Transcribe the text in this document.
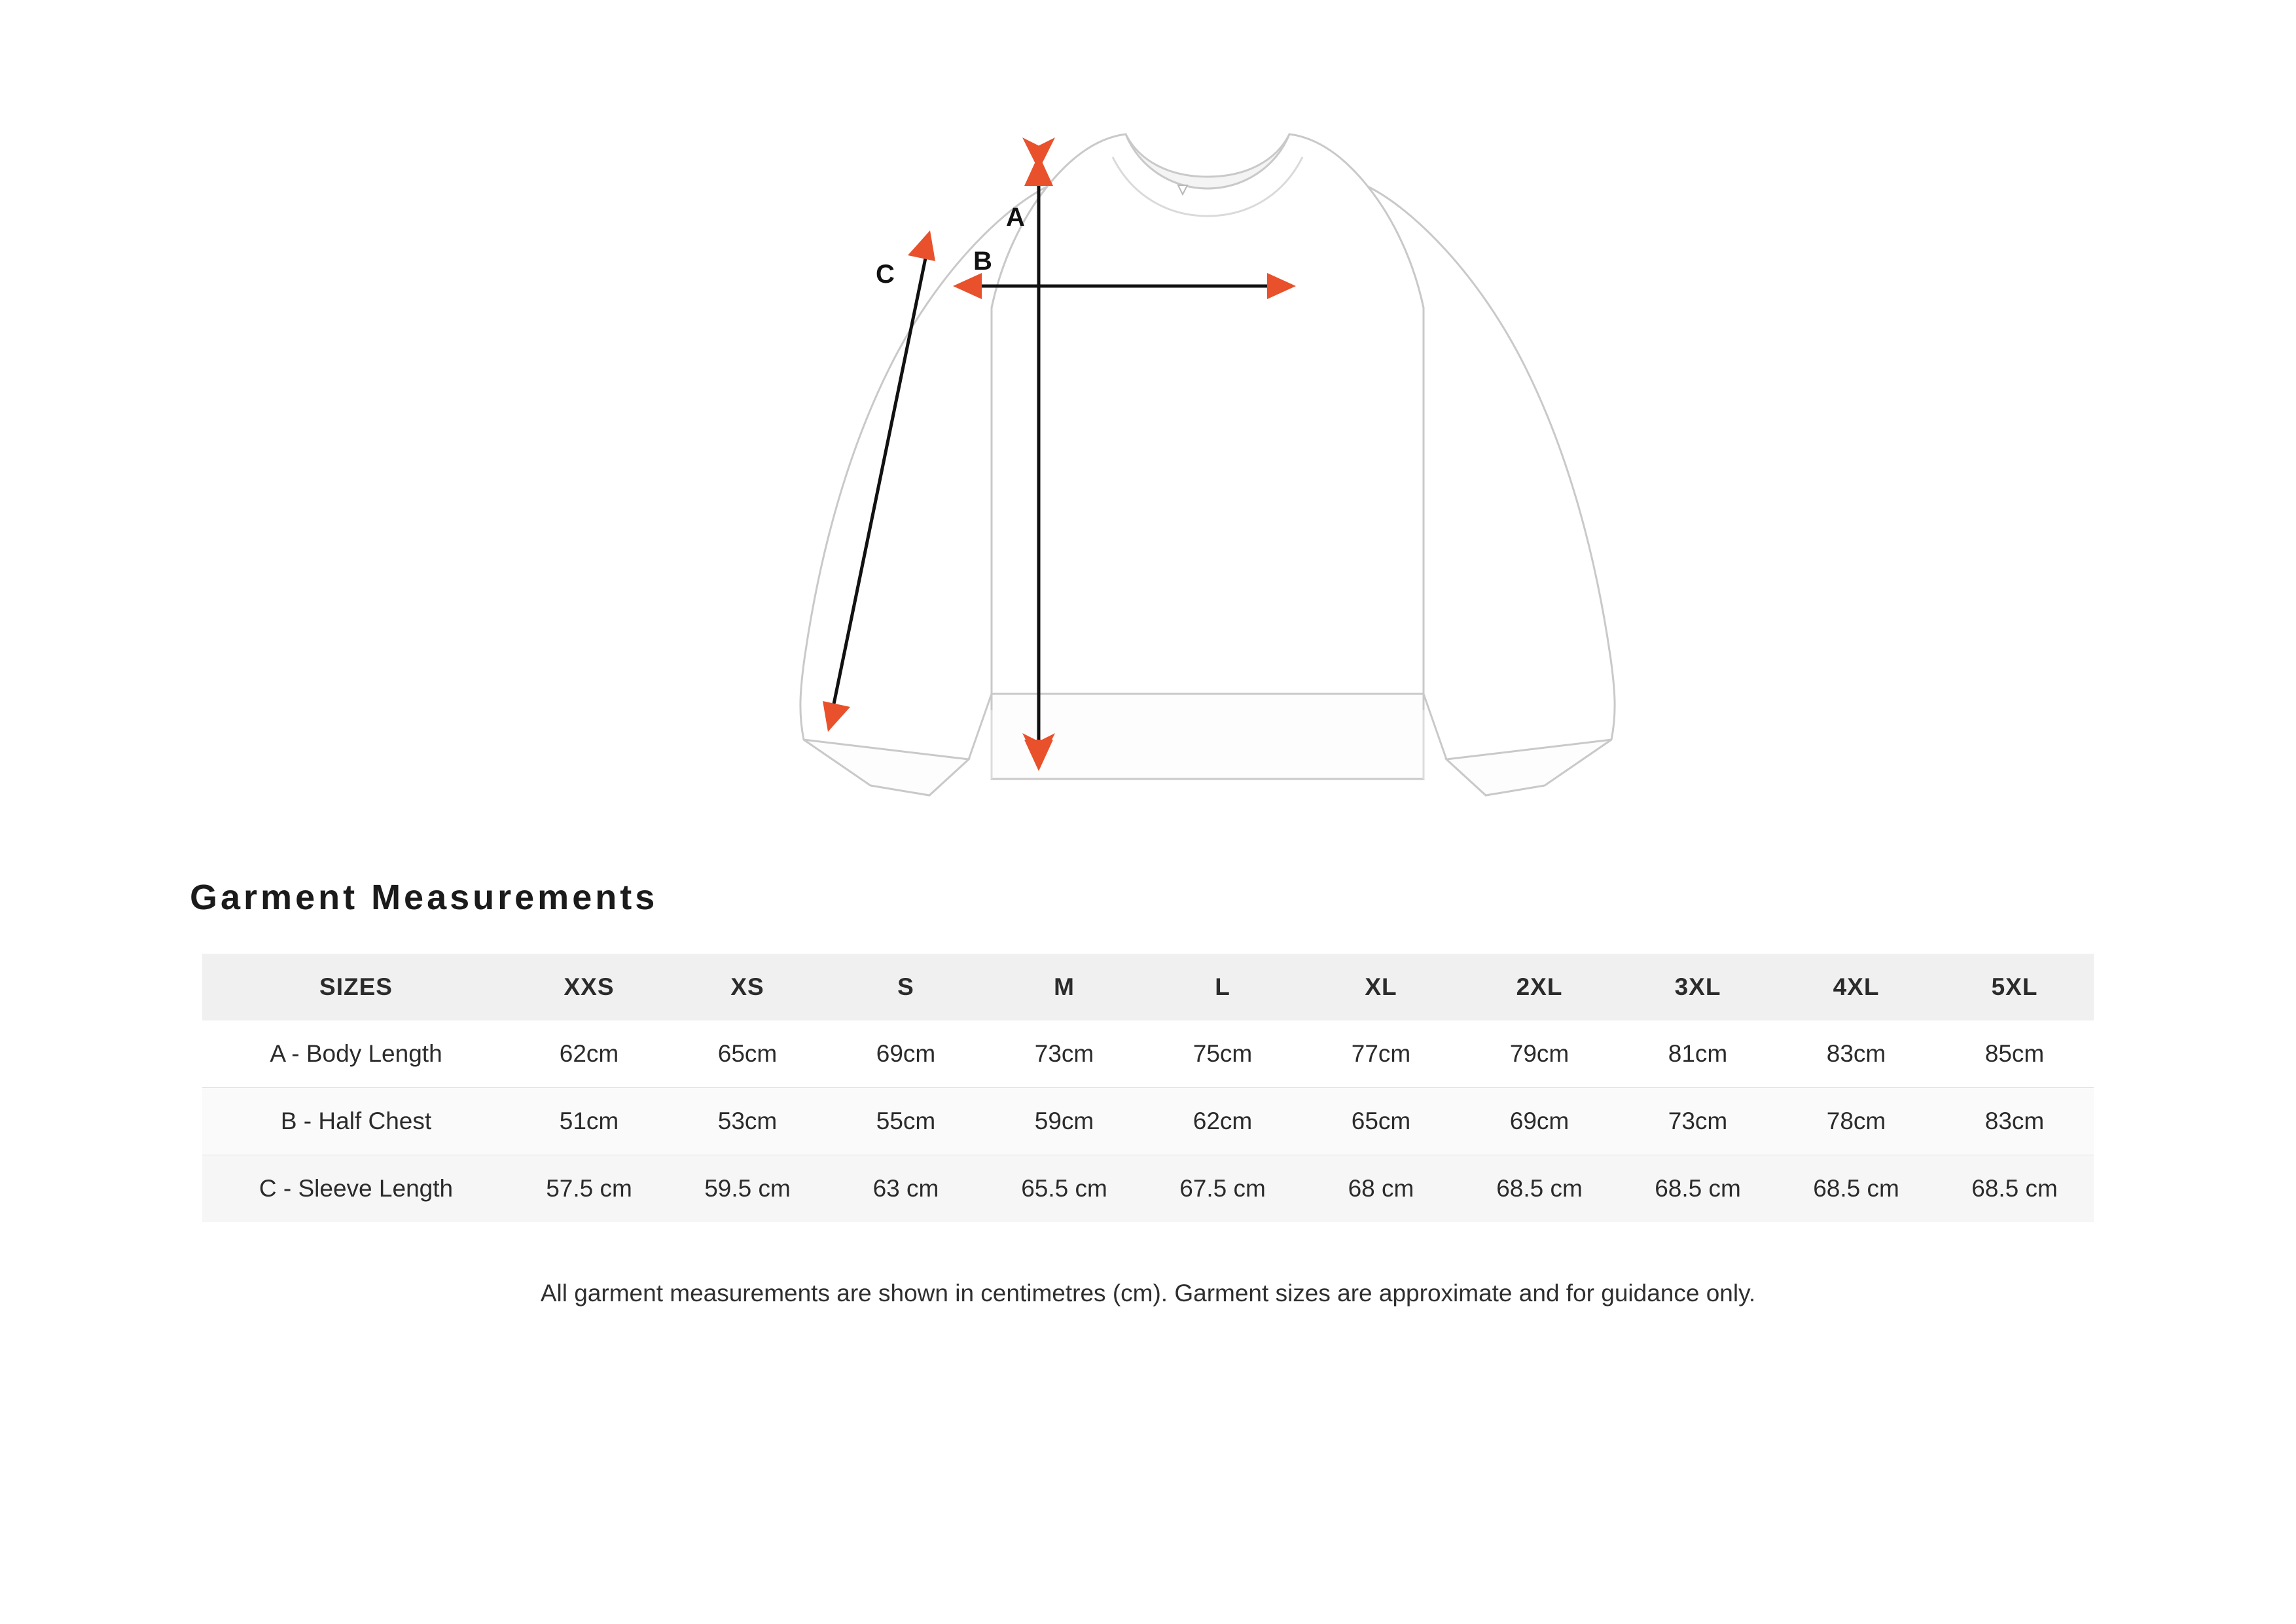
A
B
C
Garment Measurements
SIZES	XXS	XS	S	M	L	XL	2XL	3XL	4XL	5XL
A - Body Length	62cm	65cm	69cm	73cm	75cm	77cm	79cm	81cm	83cm	85cm
B - Half Chest	51cm	53cm	55cm	59cm	62cm	65cm	69cm	73cm	78cm	83cm
C - Sleeve Length	57.5 cm	59.5 cm	63 cm	65.5 cm	67.5 cm	68 cm	68.5 cm	68.5 cm	68.5 cm	68.5 cm

All garment measurements are shown in centimetres (cm). Garment sizes are approximate and for guidance only.
